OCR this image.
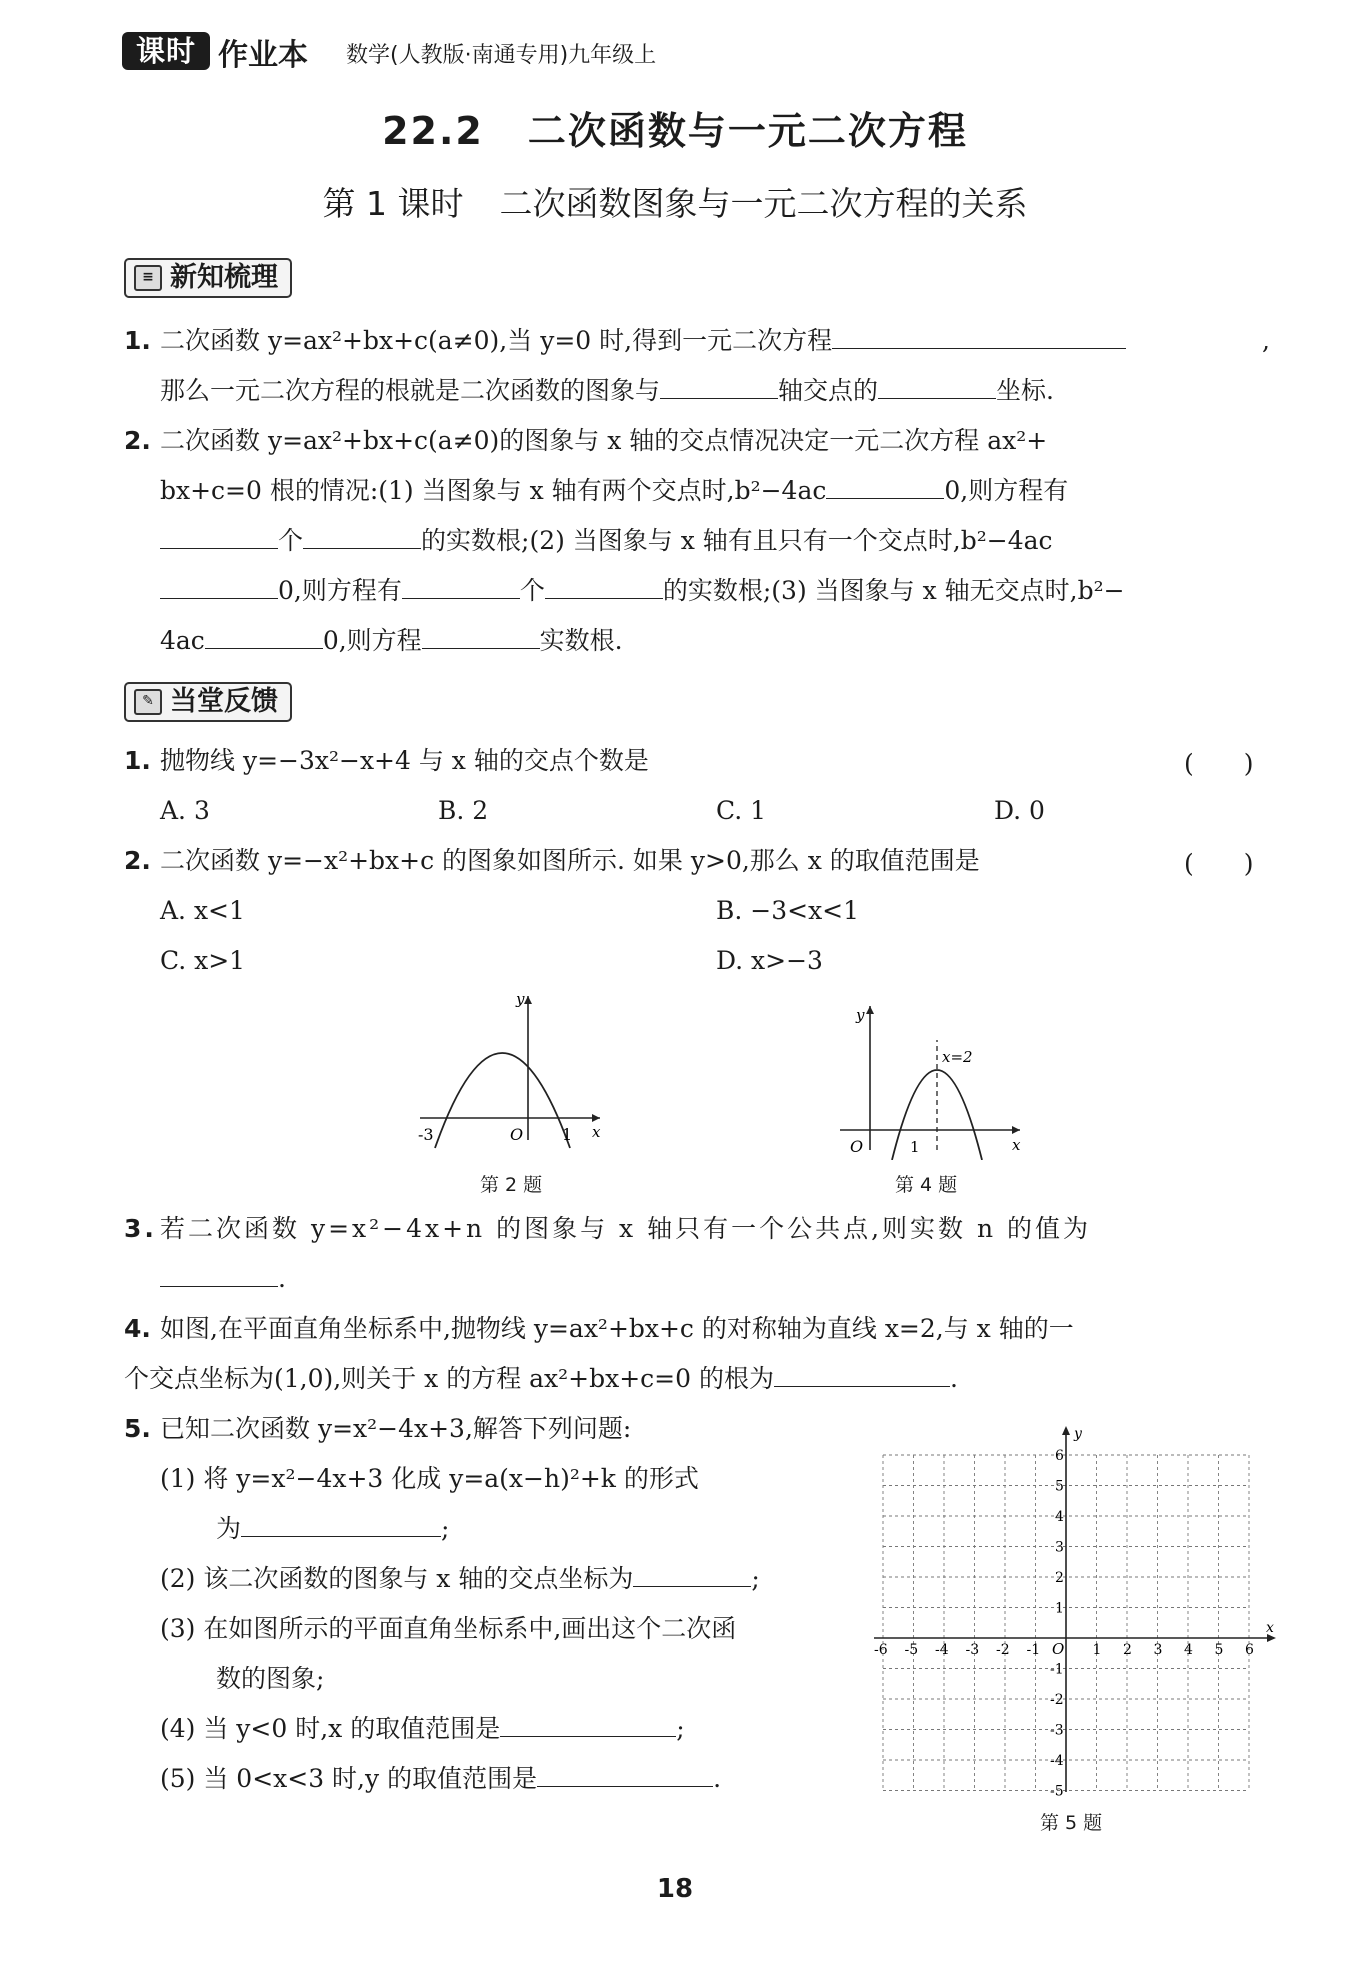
课时 作业本 数学(人教版·南通专用)九年级上
22.2 二次函数与一元二次方程
第 1 课时 二次函数图象与一元二次方程的关系
≡ 新知梳理
1. 二次函数 y=ax²+bx+c(a≠0),当 y=0 时,得到一元二次方程	,
那么一元二次方程的根就是二次函数的图象与	轴交点的	坐标.
2. 二次函数 y=ax²+bx+c(a≠0)的图象与 x 轴的交点情况决定一元二次方程 ax²+
bx+c=0 根的情况:(1) 当图象与 x 轴有两个交点时,b²−4ac	0,则方程有
个	的实数根;(2) 当图象与 x 轴有且只有一个交点时,b²−4ac
0,则方程有	个	的实数根;(3) 当图象与 x 轴无交点时,b²−
4ac	0,则方程	实数根.
✎ 当堂反馈
1. 抛物线 y=−3x²−x+4 与 x 轴的交点个数是	(　　)
A. 3	B. 2	C. 1	D. 0
2. 二次函数 y=−x²+bx+c 的图象如图所示. 如果 y>0,那么 x 的取值范围是	(　　)
A. x<1	B. −3<x<1
C. x>1	D. x>−3
y
x
O
-3	1
第 2 题
y
x
O	1
x=2
第 4 题
3. 若二次函数 y=x²−4x+n 的图象与 x 轴只有一个公共点,则实数 n 的值为
.
4. 如图,在平面直角坐标系中,抛物线 y=ax²+bx+c 的对称轴为直线 x=2,与 x 轴的一
个交点坐标为(1,0),则关于 x 的方程 ax²+bx+c=0 的根为	.
5. 已知二次函数 y=x²−4x+3,解答下列问题:
(1) 将 y=x²−4x+3 化成 y=a(x−h)²+k 的形式
为	;
(2) 该二次函数的图象与 x 轴的交点坐标为	;
(3) 在如图所示的平面直角坐标系中,画出这个二次函
数的图象;
(4) 当 y<0 时,x 的取值范围是	;
(5) 当 0<x<3 时,y 的取值范围是	.
y
x
O
-6 -5 -4 -3 -2 -1	1 2 3 4 5 6
6
5
4
3
2
1
-1
-2
-3
-4
-5
第 5 题
18
